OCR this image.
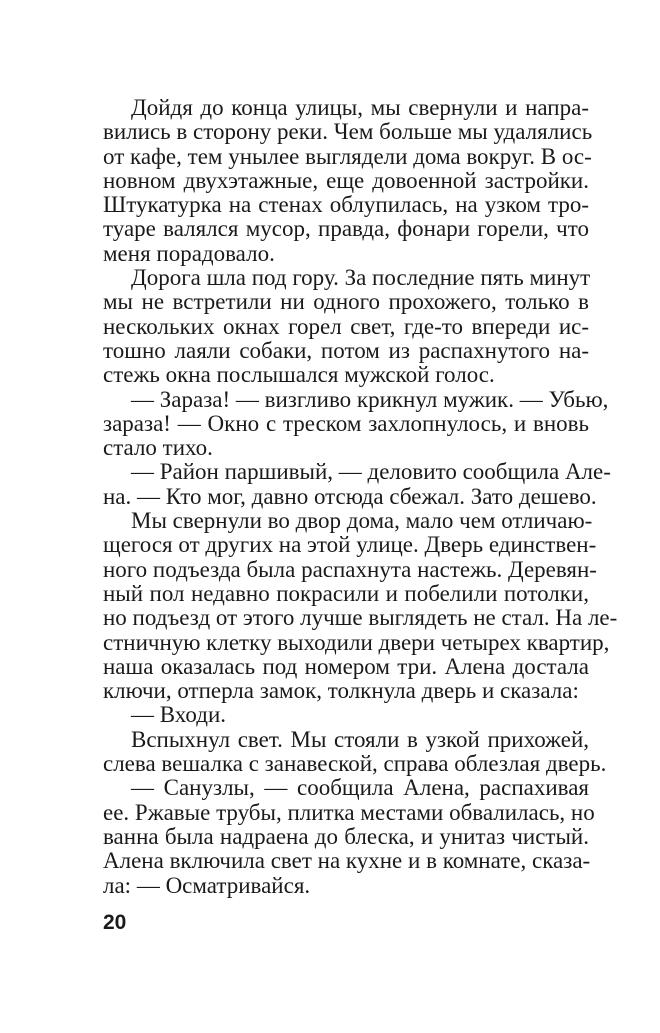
Дойдя до конца улицы, мы свернули и напра-
вились в сторону реки. Чем больше мы удалялись
от кафе, тем унылее выглядели дома вокруг. В ос-
новном двухэтажные, еще довоенной застройки.
Штукатурка на стенах облупилась, на узком тро-
туаре валялся мусор, правда, фонари горели, что
меня порадовало.
Дорога шла под гору. За последние пять минут
мы не встретили ни одного прохожего, только в
нескольких окнах горел свет, где-то впереди ис-
тошно лаяли собаки, потом из распахнутого на-
стежь окна послышался мужской голос.
— Зараза! — визгливо крикнул мужик. — Убью,
зараза! — Окно с треском захлопнулось, и вновь
стало тихо.
— Район паршивый, — деловито сообщила Але-
на. — Кто мог, давно отсюда сбежал. Зато дешево.
Мы свернули во двор дома, мало чем отличаю-
щегося от других на этой улице. Дверь единствен-
ного подъезда была распахнута настежь. Деревян-
ный пол недавно покрасили и побелили потолки,
но подъезд от этого лучше выглядеть не стал. На ле-
стничную клетку выходили двери четырех квартир,
наша оказалась под номером три. Алена достала
ключи, отперла замок, толкнула дверь и сказала:
— Входи.
Вспыхнул свет. Мы стояли в узкой прихожей,
слева вешалка с занавеской, справа облезлая дверь.
— Санузлы, — сообщила Алена, распахивая
ее. Ржавые трубы, плитка местами обвалилась, но
ванна была надраена до блеска, и унитаз чистый.
Алена включила свет на кухне и в комнате, сказа-
ла: — Осматривайся.
20
